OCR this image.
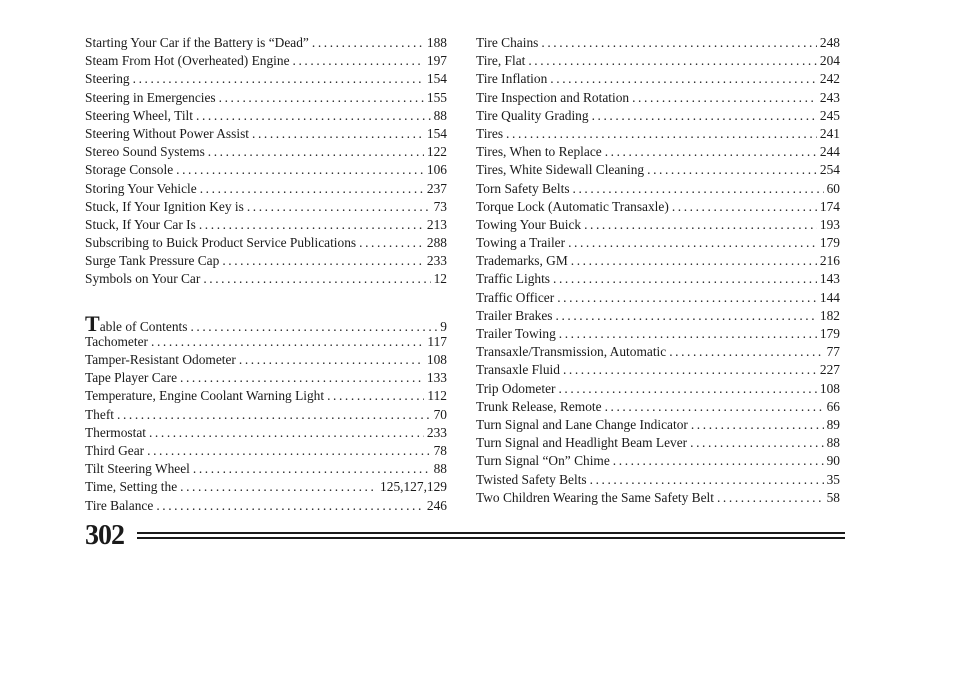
Starting Your Car if the Battery is “Dead” .....	188
Steam From Hot (Overheated) Engine .....	197
Steering .....	154
Steering in Emergencies .....	155
Steering Wheel, Tilt .....	88
Steering Without Power Assist .....	154
Stereo Sound Systems .....	122
Storage Console .....	106
Storing Your Vehicle .....	237
Stuck, If Your Ignition Key is .....	73
Stuck, If Your Car Is .....	213
Subscribing to Buick Product Service Publications .....	288
Surge Tank Pressure Cap .....	233
Symbols on Your Car .....	12
Table of Contents .....	9
Tachometer .....	117
Tamper-Resistant Odometer .....	108
Tape Player Care .....	133
Temperature, Engine Coolant Warning Light .....	112
Theft .....	70
Thermostat .....	233
Third Gear .....	78
Tilt Steering Wheel .....	88
Time, Setting the .....	125,127,129
Tire Balance .....	246
Tire Chains .....	248
Tire, Flat .....	204
Tire Inflation .....	242
Tire Inspection and Rotation .....	243
Tire Quality Grading .....	245
Tires .....	241
Tires, When to Replace .....	244
Tires, White Sidewall Cleaning .....	254
Torn Safety Belts .....	60
Torque Lock (Automatic Transaxle) .....	174
Towing Your Buick .....	193
Towing a Trailer .....	179
Trademarks, GM .....	216
Traffic Lights .....	143
Traffic Officer .....	144
Trailer Brakes .....	182
Trailer Towing .....	179
Transaxle/Transmission, Automatic .....	77
Transaxle Fluid .....	227
Trip Odometer .....	108
Trunk Release, Remote .....	66
Turn Signal and Lane Change Indicator .....	89
Turn Signal and Headlight Beam Lever .....	88
Turn Signal “On” Chime .....	90
Twisted Safety Belts .....	35
Two Children Wearing the Same Safety Belt .....	58
302
